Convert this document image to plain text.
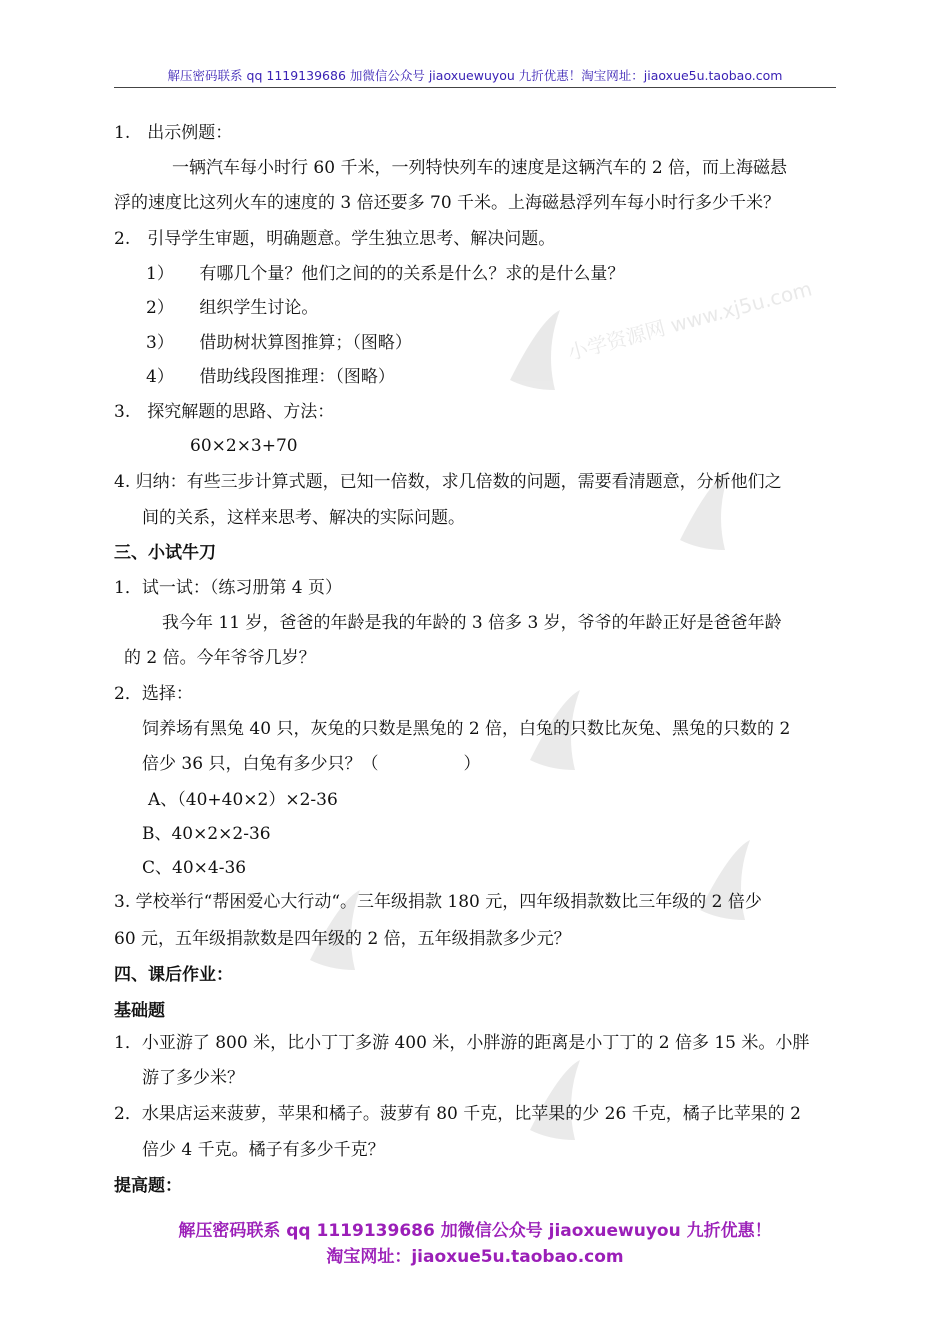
小学资源网 www.xj5u.com
解压密码联系 qq 1119139686 加微信公众号 jiaoxuewuyou 九折优惠！淘宝网址：jiaoxue5u.taobao.com
1.　出示例题：
一辆汽车每小时行 60 千米，一列特快列车的速度是这辆汽车的 2 倍，而上海磁悬
浮的速度比这列火车的速度的 3 倍还要多 70 千米。上海磁悬浮列车每小时行多少千米？
2.　引导学生审题，明确题意。学生独立思考、解决问题。
1）　　有哪几个量？他们之间的的关系是什么？求的是什么量？
2）　　组织学生讨论。
3）　　借助树状算图推算；（图略）
4）　　借助线段图推理：（图略）
3.　探究解题的思路、方法：
60×2×3+70
4. 归纳：有些三步计算式题，已知一倍数，求几倍数的问题，需要看清题意，分析他们之
间的关系，这样来思考、解决的实际问题。
三、小试牛刀
1．试一试：（练习册第 4 页）
我今年 11 岁，爸爸的年龄是我的年龄的 3 倍多 3 岁，爷爷的年龄正好是爸爸年龄
的 2 倍。今年爷爷几岁？
2．选择：
饲养场有黑兔 40 只，灰兔的只数是黑兔的 2 倍，白兔的只数比灰兔、黑兔的只数的 2
倍少 36 只，白兔有多少只？（　　　　　）
A、（40+40×2）×2-36
B、40×2×2-36
C、40×4-36
3. 学校举行“帮困爱心大行动“。三年级捐款 180 元，四年级捐款数比三年级的 2 倍少
60 元，五年级捐款数是四年级的 2 倍，五年级捐款多少元？
四、课后作业：
基础题
1．小亚游了 800 米，比小丁丁多游 400 米，小胖游的距离是小丁丁的 2 倍多 15 米。小胖
游了多少米？
2．水果店运来菠萝，苹果和橘子。菠萝有 80 千克，比苹果的少 26 千克，橘子比苹果的 2
倍少 4 千克。橘子有多少千克？
提高题：
解压密码联系 qq 1119139686 加微信公众号 jiaoxuewuyou 九折优惠！
淘宝网址：jiaoxue5u.taobao.com
